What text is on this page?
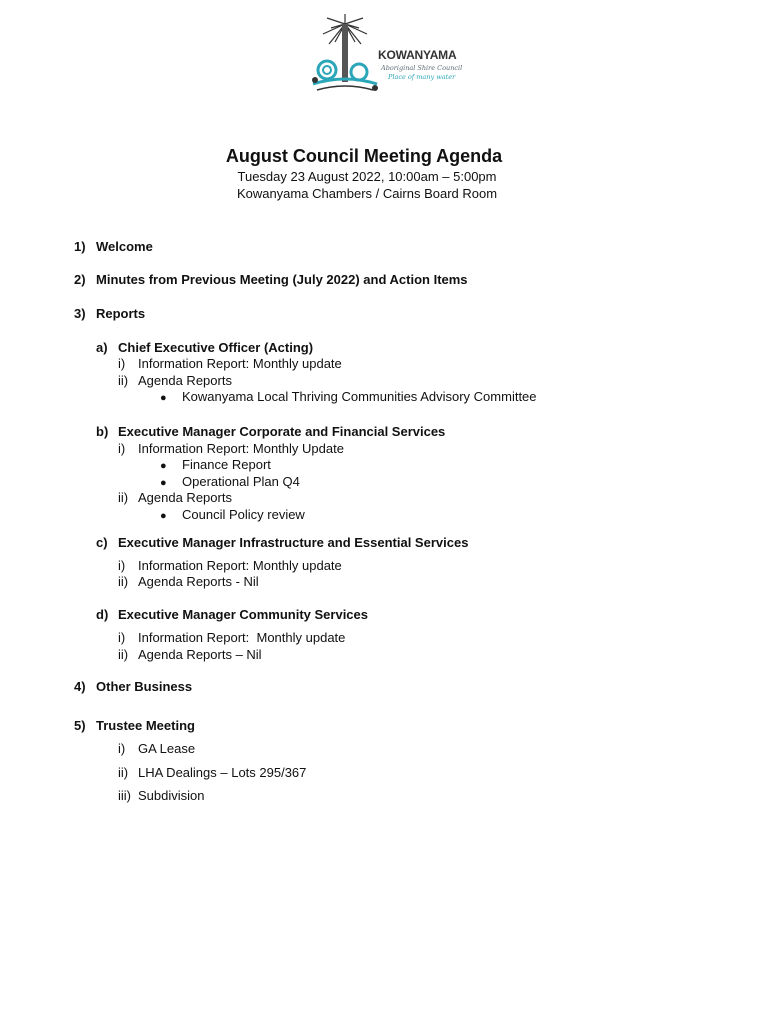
KOWANYAMA
Aboriginal Shire Council
Place of many water
August Council Meeting Agenda
Tuesday 23 August 2022, 10:00am – 5:00pm
Kowanyama Chambers / Cairns Board Room
1) Welcome
2) Minutes from Previous Meeting (July 2022) and Action Items
3) Reports
a) Chief Executive Officer (Acting)
i) Information Report: Monthly update
ii) Agenda Reports
● Kowanyama Local Thriving Communities Advisory Committee
b) Executive Manager Corporate and Financial Services
i) Information Report: Monthly Update
● Finance Report
● Operational Plan Q4
ii) Agenda Reports
● Council Policy review
c) Executive Manager Infrastructure and Essential Services
i) Information Report: Monthly update
ii) Agenda Reports - Nil
d) Executive Manager Community Services
i) Information Report:  Monthly update
ii) Agenda Reports – Nil
4) Other Business
5) Trustee Meeting
i) GA Lease
ii) LHA Dealings – Lots 295/367
iii) Subdivision
